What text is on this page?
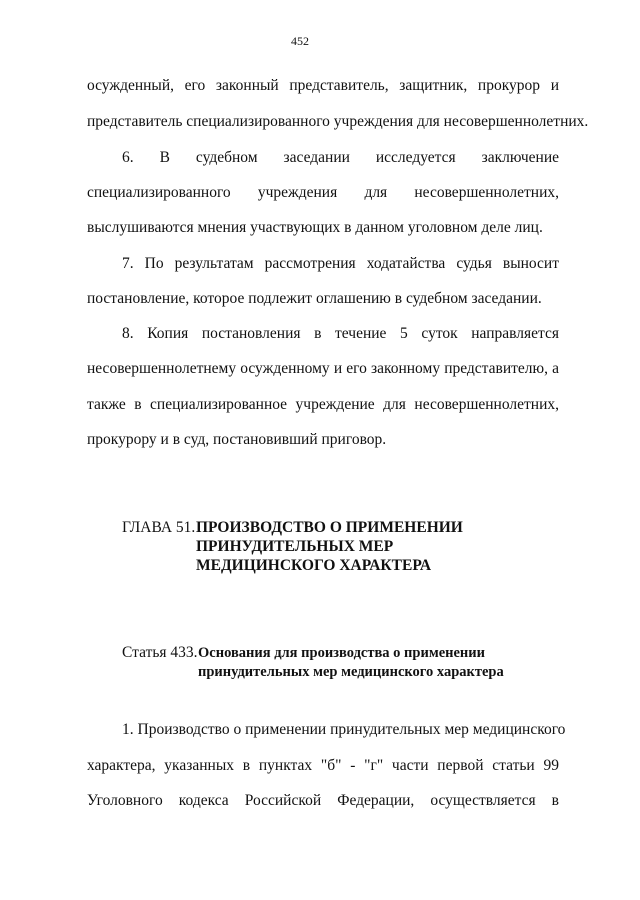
452
осужденный, его законный представитель, защитник, прокурор и
представитель специализированного учреждения для несовершеннолетних.
6. В судебном заседании исследуется заключение
специализированного учреждения для несовершеннолетних,
выслушиваются мнения участвующих в данном уголовном деле лиц.
7. По результатам рассмотрения ходатайства судья выносит
постановление, которое подлежит оглашению в судебном заседании.
8. Копия постановления в течение 5 суток направляется
несовершеннолетнему осужденному и его законному представителю, а
также в специализированное учреждение для несовершеннолетних,
прокурору и в суд, постановивший приговор.
ГЛАВА 51. ПРОИЗВОДСТВО О ПРИМЕНЕНИИ
ПРИНУДИТЕЛЬНЫХ МЕР
МЕДИЦИНСКОГО ХАРАКТЕРА
Статья 433. Основания для производства о применении
принудительных мер медицинского характера
1. Производство о применении принудительных мер медицинского
характера, указанных в пунктах "б" - "г" части первой статьи 99
Уголовного кодекса Российской Федерации, осуществляется в
